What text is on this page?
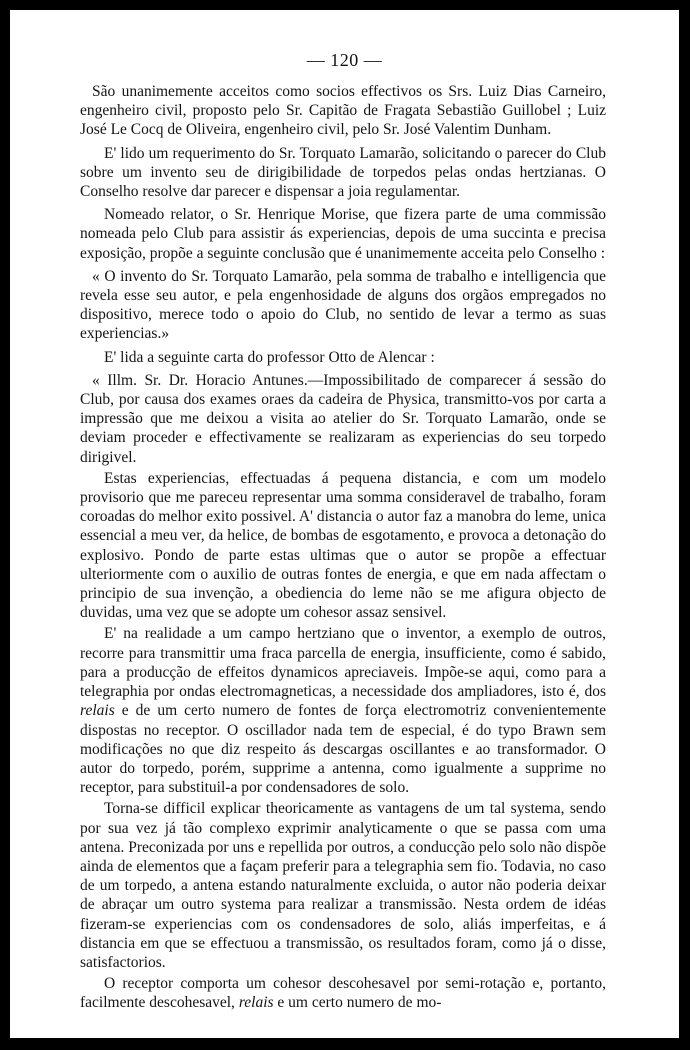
— 120 —

São unanimemente acceitos como socios effectivos os Srs. Luiz Dias Carneiro, engenheiro civil, proposto pelo Sr. Capitão de Fragata Sebastião Guillobel ; Luiz José Le Cocq de Oliveira, engenheiro civil, pelo Sr. José Valentim Dunham.

E' lido um requerimento do Sr. Torquato Lamarão, solicitando o parecer do Club sobre um invento seu de dirigibilidade de torpedos pelas ondas hertzianas. O Conselho resolve dar parecer e dispensar a joia regulamentar.

Nomeado relator, o Sr. Henrique Morise, que fizera parte de uma commissão nomeada pelo Club para assistir ás experiencias, depois de uma succinta e precisa exposição, propõe a seguinte conclusão que é unanimemente acceita pelo Conselho :

« O invento do Sr. Torquato Lamarão, pela somma de trabalho e intelligencia que revela esse seu autor, e pela engenhosidade de alguns dos orgãos empregados no dispositivo, merece todo o apoio do Club, no sentido de levar a termo as suas experiencias.»

E' lida a seguinte carta do professor Otto de Alencar :

« Illm. Sr. Dr. Horacio Antunes.—Impossibilitado de comparecer á sessão do Club, por causa dos exames oraes da cadeira de Physica, transmitto-vos por carta a impressão que me deixou a visita ao atelier do Sr. Torquato Lamarão, onde se deviam proceder e effectivamente se realizaram as experiencias do seu torpedo dirigivel.

Estas experiencias, effectuadas á pequena distancia, e com um modelo provisorio que me pareceu representar uma somma consideravel de trabalho, foram coroadas do melhor exito possivel. A' distancia o autor faz a manobra do leme, unica essencial a meu ver, da helice, de bombas de esgotamento, e provoca a detonação do explosivo. Pondo de parte estas ultimas que o autor se propõe a effectuar ulteriormente com o auxilio de outras fontes de energia, e que em nada affectam o principio de sua invenção, a obediencia do leme não se me afigura objecto de duvidas, uma vez que se adopte um cohesor assaz sensivel.

E' na realidade a um campo hertziano que o inventor, a exemplo de outros, recorre para transmittir uma fraca parcella de energia, insufficiente, como é sabido, para a producção de effeitos dynamicos apreciaveis. Impõe-se aqui, como para a telegraphia por ondas electromagneticas, a necessidade dos ampliadores, isto é, dos relais e de um certo numero de fontes de força electromotriz convenientemente dispostas no receptor. O oscillador nada tem de especial, é do typo Brawn sem modificações no que diz respeito ás descargas oscillantes e ao transformador. O autor do torpedo, porém, supprime a antenna, como igualmente a supprime no receptor, para substituil-a por condensadores de solo.

Torna-se difficil explicar theoricamente as vantagens de um tal systema, sendo por sua vez já tão complexo exprimir analyticamente o que se passa com uma antena. Preconizada por uns e repellida por outros, a conducção pelo solo não dispõe ainda de elementos que a façam preferir para a telegraphia sem fio. Todavia, no caso de um torpedo, a antena estando naturalmente excluida, o autor não poderia deixar de abraçar um outro systema para realizar a transmissão. Nesta ordem de idéas fizeram-se experiencias com os condensadores de solo, aliás imperfeitas, e á distancia em que se effectuou a transmissão, os resultados foram, como já o disse, satisfactorios.

O receptor comporta um cohesor descohesavel por semi-rotação e, portanto, facilmente descohesavel, relais e um certo numero de mo-
